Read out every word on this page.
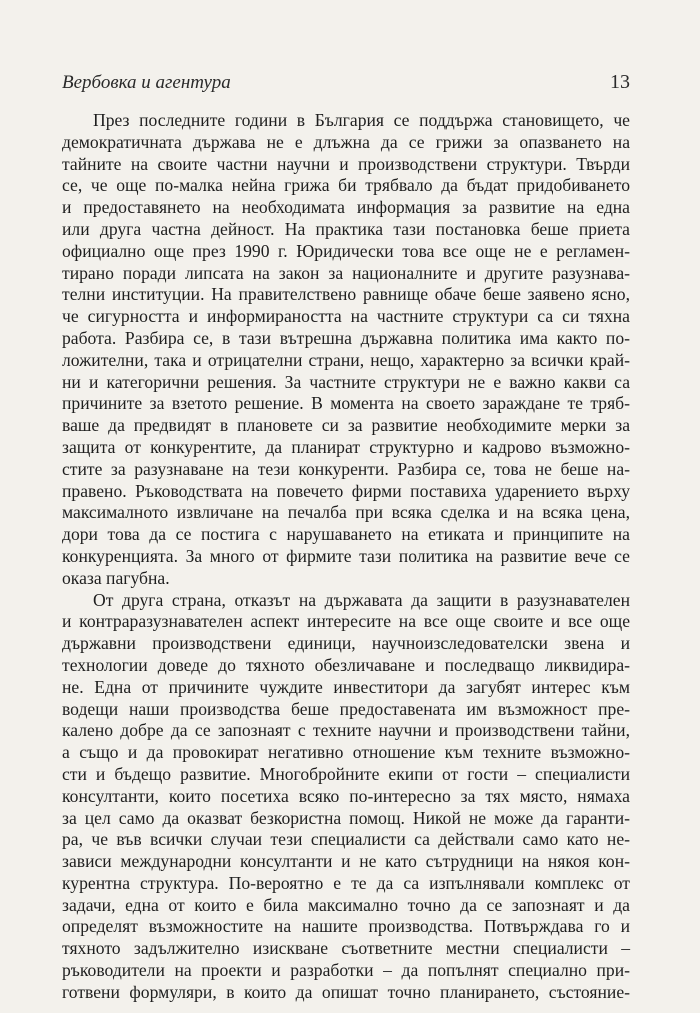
Вербовка и агентура	13
През последните години в България се поддържа становището, че
демократичната държава не е длъжна да се грижи за опазването на
тайните на своите частни научни и производствени структури. Твърди
се, че още по-малка нейна грижа би трябвало да бъдат придобиването
и предоставянето на необходимата информация за развитие на една
или друга частна дейност. На практика тази постановка беше приета
официално още през 1990 г. Юридически това все още не е регламен-
тирано поради липсата на закон за националните и другите разузнава-
телни институции. На правителствено равнище обаче беше заявено ясно,
че сигурността и информираността на частните структури са си тяхна
работа. Разбира се, в тази вътрешна държавна политика има както по-
ложителни, така и отрицателни страни, нещо, характерно за всички край-
ни и категорични решения. За частните структури не е важно какви са
причините за взетото решение. В момента на своето зараждане те тряб-
ваше да предвидят в плановете си за развитие необходимите мерки за
защита от конкурентите, да планират структурно и кадрово възможно-
стите за разузнаване на тези конкуренти. Разбира се, това не беше на-
правено. Ръководствата на повечето фирми поставиха ударението върху
максималното извличане на печалба при всяка сделка и на всяка цена,
дори това да се постига с нарушаването на етиката и принципите на
конкуренцията. За много от фирмите тази политика на развитие вече се
оказа пагубна.
От друга страна, отказът на държавата да защити в разузнавателен
и контраразузнавателен аспект интересите на все още своите и все още
държавни производствени единици, научноизследователски звена и
технологии доведе до тяхното обезличаване и последващо ликвидира-
не. Една от причините чуждите инвеститори да загубят интерес към
водещи наши производства беше предоставената им възможност пре-
калено добре да се запознаят с техните научни и производствени тайни,
а също и да провокират негативно отношение към техните възможно-
сти и бъдещо развитие. Многобройните екипи от гости – специалисти
консултанти, които посетиха всяко по-интересно за тях място, нямаха
за цел само да оказват безкористна помощ. Никой не може да гаранти-
ра, че във всички случаи тези специалисти са действали само като не-
зависи международни консултанти и не като сътрудници на някоя кон-
курентна структура. По-вероятно е те да са изпълнявали комплекс от
задачи, една от които е била максимално точно да се запознаят и да
определят възможностите на нашите производства. Потвърждава го и
тяхното задължително изискване съответните местни специалисти –
ръководители на проекти и разработки – да попълнят специално при-
готвени формуляри, в които да опишат точно планирането, състояние-
